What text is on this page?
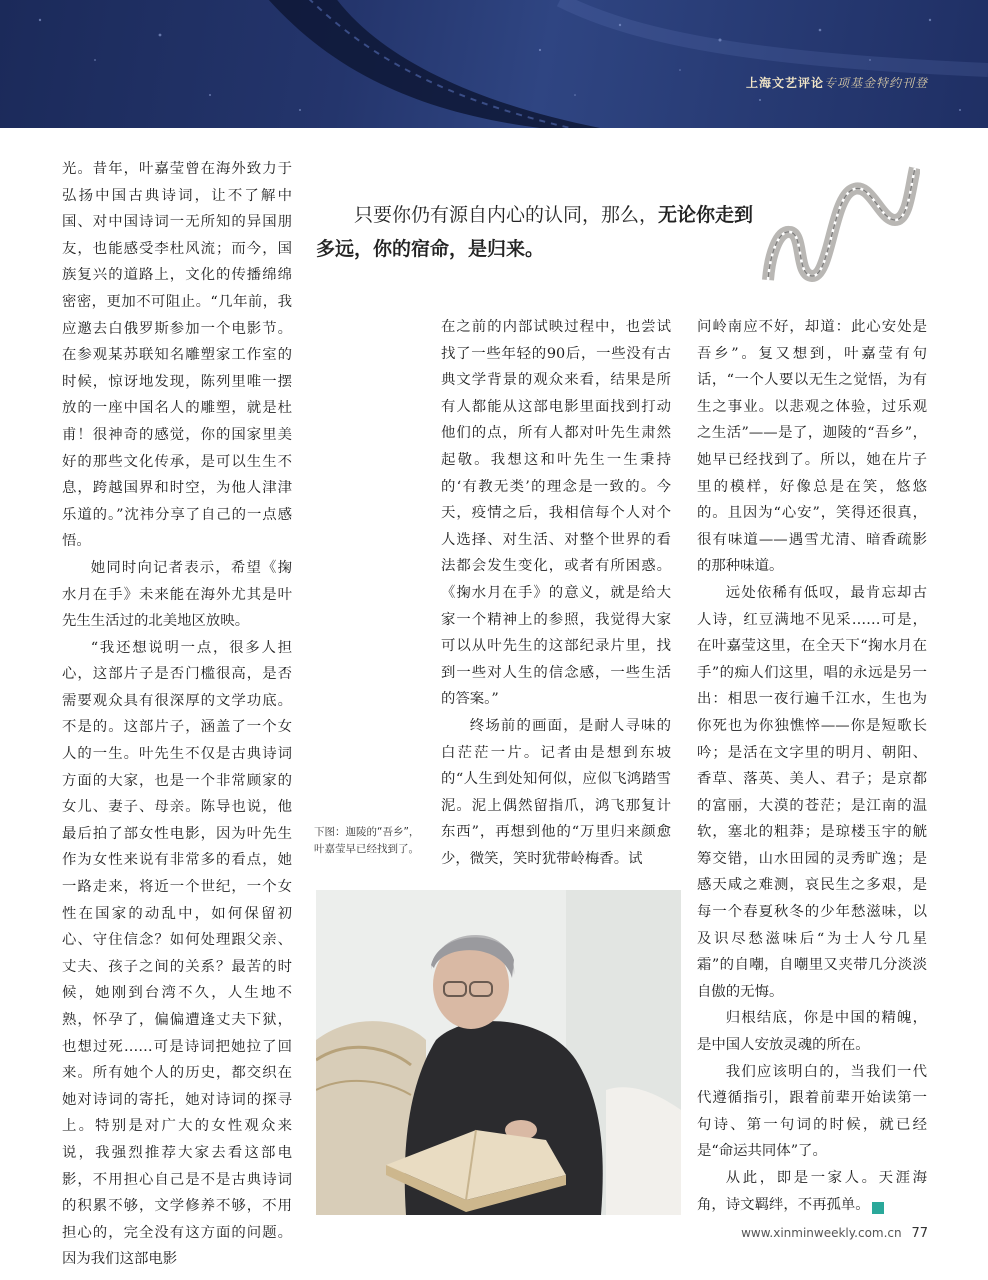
上海文艺评论专项基金特约刊登

光。昔年，叶嘉莹曾在海外致力于弘扬中国古典诗词，让不了解中国、对中国诗词一无所知的异国朋友，也能感受李杜风流；而今，国族复兴的道路上，文化的传播绵绵密密，更加不可阻止。“几年前，我应邀去白俄罗斯参加一个电影节。在参观某苏联知名雕塑家工作室的时候，惊讶地发现，陈列里唯一摆放的一座中国名人的雕塑，就是杜甫！很神奇的感觉，你的国家里美好的那些文化传承，是可以生生不息，跨越国界和时空，为他人津津乐道的。”沈祎分享了自己的一点感悟。

她同时向记者表示，希望《掬水月在手》未来能在海外尤其是叶先生生活过的北美地区放映。

“我还想说明一点，很多人担心，这部片子是否门槛很高，是否需要观众具有很深厚的文学功底。不是的。这部片子，涵盖了一个女人的一生。叶先生不仅是古典诗词方面的大家，也是一个非常顾家的女儿、妻子、母亲。陈导也说，他最后拍了部女性电影，因为叶先生作为女性来说有非常多的看点，她一路走来，将近一个世纪，一个女性在国家的动乱中，如何保留初心、守住信念？如何处理跟父亲、丈夫、孩子之间的关系？最苦的时候，她刚到台湾不久，人生地不熟，怀孕了，偏偏遭逢丈夫下狱，也想过死……可是诗词把她拉了回来。所有她个人的历史，都交织在她对诗词的寄托，她对诗词的探寻上。特别是对广大的女性观众来说，我强烈推荐大家去看这部电影，不用担心自己是不是古典诗词的积累不够，文学修养不够，不用担心的，完全没有这方面的问题。因为我们这部电影

只要你仍有源自内心的认同，那么，无论你走到
多远，你的宿命，是归来。

在之前的内部试映过程中，也尝试找了一些年轻的90后，一些没有古典文学背景的观众来看，结果是所有人都能从这部电影里面找到打动他们的点，所有人都对叶先生肃然起敬。我想这和叶先生一生秉持的‘有教无类’的理念是一致的。今天，疫情之后，我相信每个人对个人选择、对生活、对整个世界的看法都会发生变化，或者有所困惑。《掬水月在手》的意义，就是给大家一个精神上的参照，我觉得大家可以从叶先生的这部纪录片里，找到一些对人生的信念感，一些生活的答案。”

终场前的画面，是耐人寻味的白茫茫一片。记者由是想到东坡的“人生到处知何似，应似飞鸿踏雪泥。泥上偶然留指爪，鸿飞那复计东西”，再想到他的“万里归来颜愈少，微笑，笑时犹带岭梅香。试

问岭南应不好，却道：此心安处是吾乡”。复又想到，叶嘉莹有句话，“一个人要以无生之觉悟，为有生之事业。以悲观之体验，过乐观之生活”——是了，迦陵的“吾乡”，她早已经找到了。所以，她在片子里的模样，好像总是在笑，悠悠的。且因为“心安”，笑得还很真，很有味道——遇雪尤清、暗香疏影的那种味道。

远处依稀有低叹，最肯忘却古人诗，红豆满地不见采……可是，在叶嘉莹这里，在全天下“掬水月在手”的痴人们这里，唱的永远是另一出：相思一夜行遍千江水，生也为你死也为你独憔悴——你是短歌长吟；是活在文字里的明月、朝阳、香草、落英、美人、君子；是京都的富丽，大漠的苍茫；是江南的温软，塞北的粗莽；是琼楼玉宇的觥筹交错，山水田园的灵秀旷逸；是感天咸之难测，哀民生之多艰，是每一个春夏秋冬的少年愁滋味，以及识尽愁滋味后“为士人兮几星霜”的自嘲，自嘲里又夹带几分淡淡自傲的无悔。

归根结底，你是中国的精魄，是中国人安放灵魂的所在。

我们应该明白的，当我们一代代遵循指引，跟着前辈开始读第一句诗、第一句词的时候，就已经是“命运共同体”了。

从此，即是一家人。天涯海角，诗文羁绊，不再孤单。	民

下图：迦陵的“吾乡”，叶嘉莹早已经找到了。
www.xinminweekly.com.cn 77
